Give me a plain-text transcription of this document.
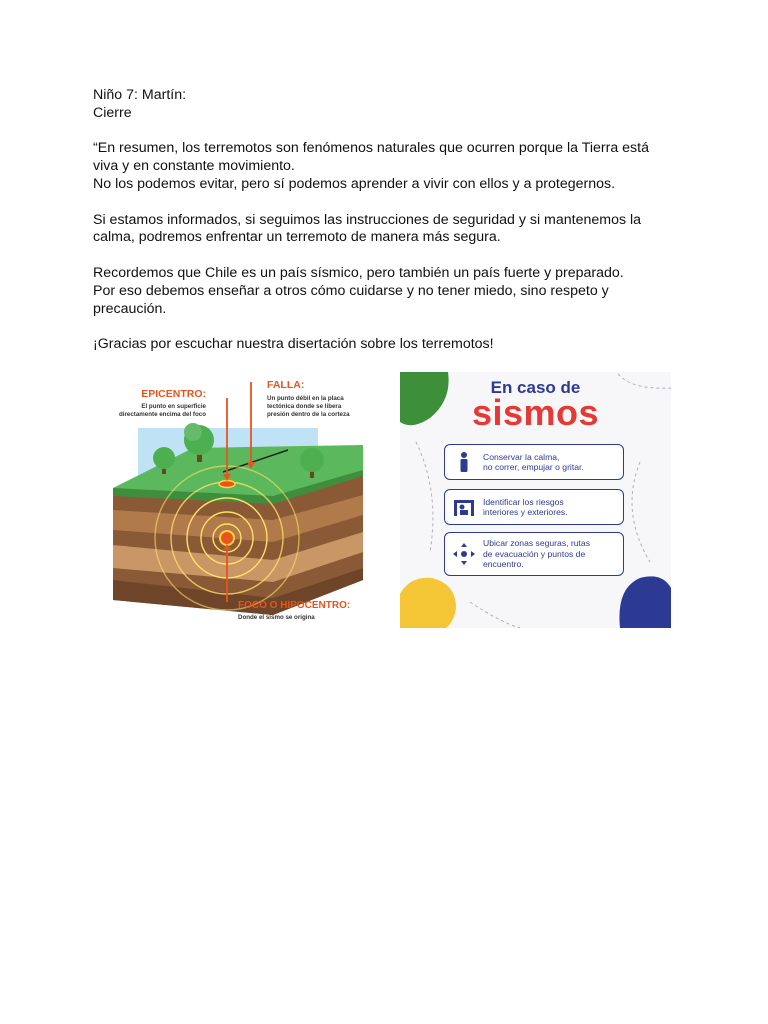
Niño 7: Martín:
Cierre

“En resumen, los terremotos son fenómenos naturales que ocurren porque la Tierra está
viva y en constante movimiento.
No los podemos evitar, pero sí podemos aprender a vivir con ellos y a protegernos.

Si estamos informados, si seguimos las instrucciones de seguridad y si mantenemos la
calma, podremos enfrentar un terremoto de manera más segura.

Recordemos que Chile es un país sísmico, pero también un país fuerte y preparado.
Por eso debemos enseñar a otros cómo cuidarse y no tener miedo, sino respeto y
precaución.

¡Gracias por escuchar nuestra disertación sobre los terremotos!

EPICENTRO:
El punto en superficie
directamente encima del foco
FALLA:
Un punto débil en la placa
tectónica donde se libera
presión dentro de la corteza
FOCO O HIPOCENTRO:
Donde el sismo se origina
En caso de
sismos
Conservar la calma,
no correr, empujar o gritar.
Identificar los riesgos
interiores y exteriores.
Ubicar zonas seguras, rutas
de evacuación y puntos de
encuentro.
